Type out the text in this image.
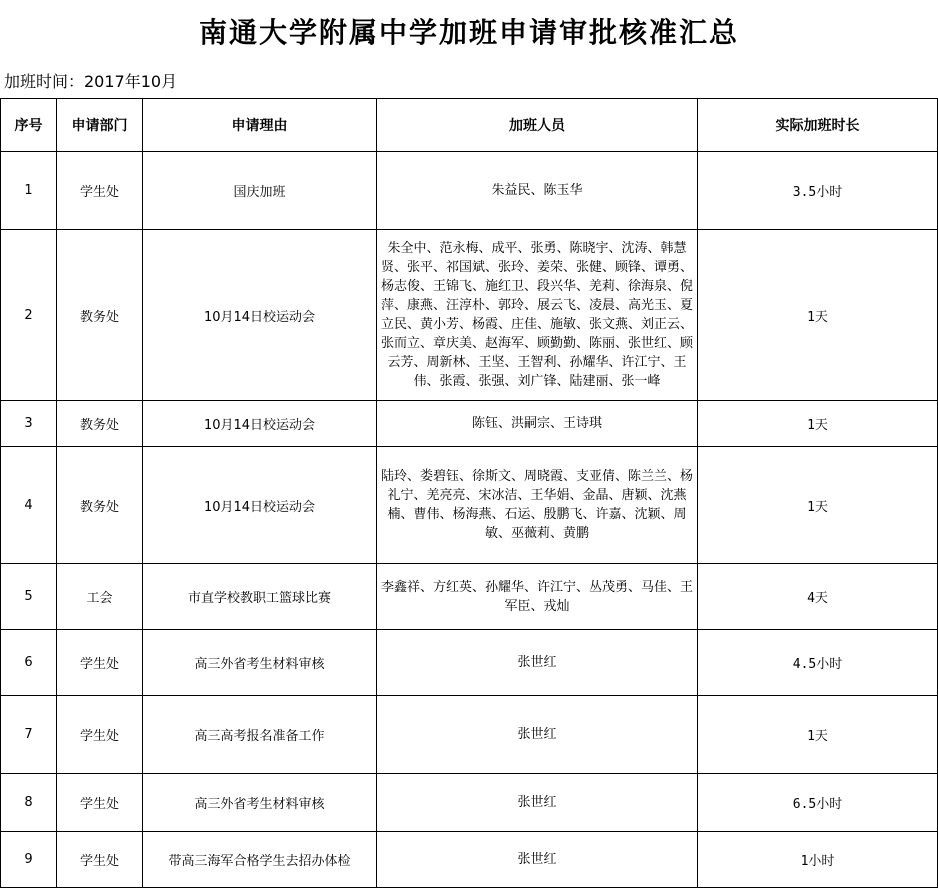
南通大学附属中学加班申请审批核准汇总
加班时间：2017年10月
序号	申请部门	申请理由	加班人员	实际加班时长
1	学生处	国庆加班	朱益民、陈玉华	3.5小时
2	教务处	10月14日校运动会	朱全中、范永梅、成平、张勇、陈晓宇、沈涛、韩慧贤、张平、祁国斌、张玲、姜荣、张健、顾锋、谭勇、杨志俊、王锦飞、施红卫、段兴华、羌莉、徐海泉、倪萍、康燕、汪淳朴、郭玲、展云飞、凌晨、高光玉、夏立民、黄小芳、杨霞、庄佳、施敏、张文燕、刘正云、张而立、章庆美、赵海军、顾勤勤、陈丽、张世红、顾云芳、周新林、王坚、王智利、孙耀华、许江宁、王伟、张霞、张强、刘广锋、陆建丽、张一峰	1天
3	教务处	10月14日校运动会	陈钰、洪嗣宗、王诗琪	1天
4	教务处	10月14日校运动会	陆玲、娄碧钰、徐斯文、周晓霞、支亚倩、陈兰兰、杨礼宁、羌亮亮、宋冰洁、王华娟、金晶、唐颖、沈燕楠、曹伟、杨海燕、石运、殷鹏飞、许嘉、沈颖、周敏、巫薇莉、黄鹏	1天
5	工会	市直学校教职工篮球比赛	李鑫祥、方红英、孙耀华、许江宁、丛茂勇、马佳、王军臣、戎灿	4天
6	学生处	高三外省考生材料审核	张世红	4.5小时
7	学生处	高三高考报名准备工作	张世红	1天
8	学生处	高三外省考生材料审核	张世红	6.5小时
9	学生处	带高三海军合格学生去招办体检	张世红	1小时
